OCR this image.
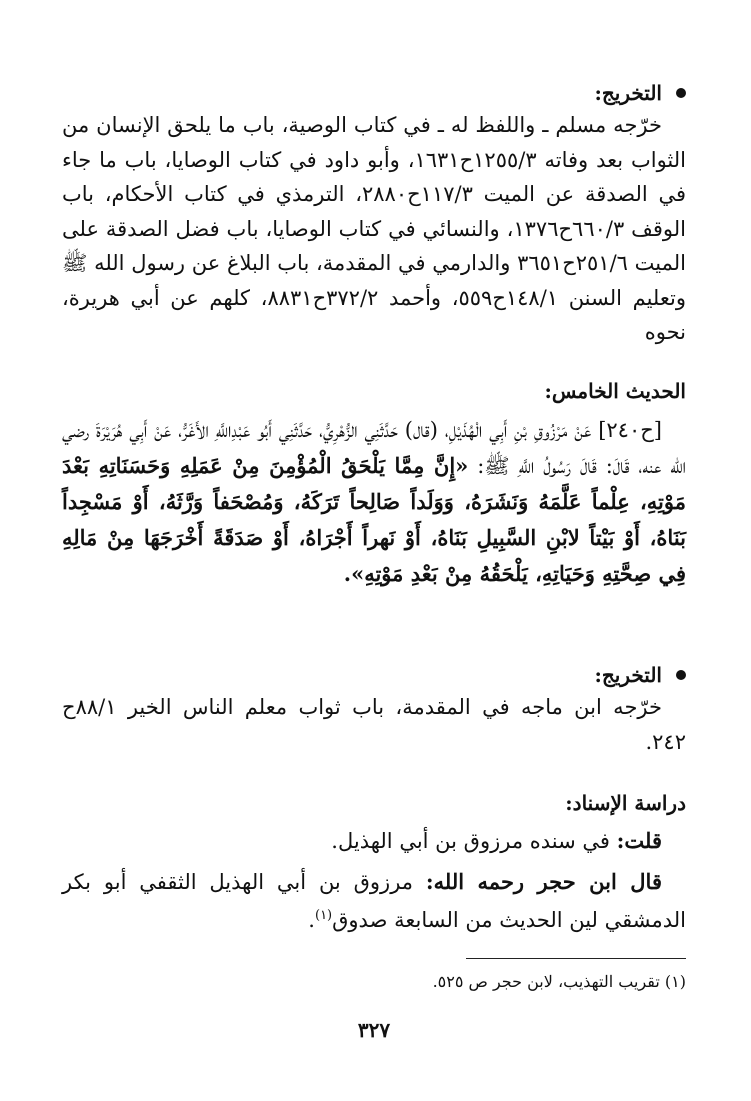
التخريج:

خرّجه مسلم ـ واللفظ له ـ في كتاب الوصية، باب ما يلحق الإنسان من الثواب بعد وفاته ١٢٥٥/٣ح١٦٣١، وأبو داود في كتاب الوصايا، باب ما جاء في الصدقة عن الميت ١١٧/٣ح٢٨٨٠، الترمذي في كتاب الأحكام، باب الوقف ٦٦٠/٣ح١٣٧٦، والنسائي في كتاب الوصايا، باب فضل الصدقة على الميت ٢٥١/٦ح٣٦٥١ والدارمي في المقدمة، باب البلاغ عن رسول الله ﷺ وتعليم السنن ١٤٨/١ح٥٥٩، وأحمد ٣٧٢/٢ح٨٨٣١، كلهم عن أبي هريرة، نحوه

الحديث الخامس:

[ح٢٤٠] عَنْ مَرْزُوقِ بْنِ أَبِي الْهُذَيْلِ، (قال) حَدَّثَنِي الزُّهْرِيُّ، حَدَّثَنِي أَبُو عَبْدِاللَّهِ الأَغَرُّ، عَنْ أَبِي هُرَيْرَةَ رضي الله عنه، قَالَ: قَالَ رَسُولُ اللَّهِ ﷺ: «إِنَّ مِمَّا يَلْحَقُ الْمُؤْمِنَ مِنْ عَمَلِهِ وَحَسَنَاتِهِ بَعْدَ مَوْتِهِ، عِلْماً عَلَّمَهُ وَنَشَرَهُ، وَوَلَداً صَالِحاً تَرَكَهُ، وَمُصْحَفاً وَرَّثَهُ، أَوْ مَسْجِداً بَنَاهُ، أَوْ بَيْتاً لابْنِ السَّبِيلِ بَنَاهُ، أَوْ نَهراً أَجْرَاهُ، أَوْ صَدَقَةً أَخْرَجَهَا مِنْ مَالِهِ فِي صِحَّتِهِ وَحَيَاتِهِ، يَلْحَقُهُ مِنْ بَعْدِ مَوْتِهِ».

التخريج:

خرّجه ابن ماجه في المقدمة، باب ثواب معلم الناس الخير ٨٨/١ح ٢٤٢.

دراسة الإسناد:

قلت: في سنده مرزوق بن أبي الهذيل.

قال ابن حجر رحمه الله: مرزوق بن أبي الهذيل الثقفي أبو بكر الدمشقي لين الحديث من السابعة صدوق$^{(١)}$.

(١) تقريب التهذيب، لابن حجر ص ٥٢٥.
٣٢٧
